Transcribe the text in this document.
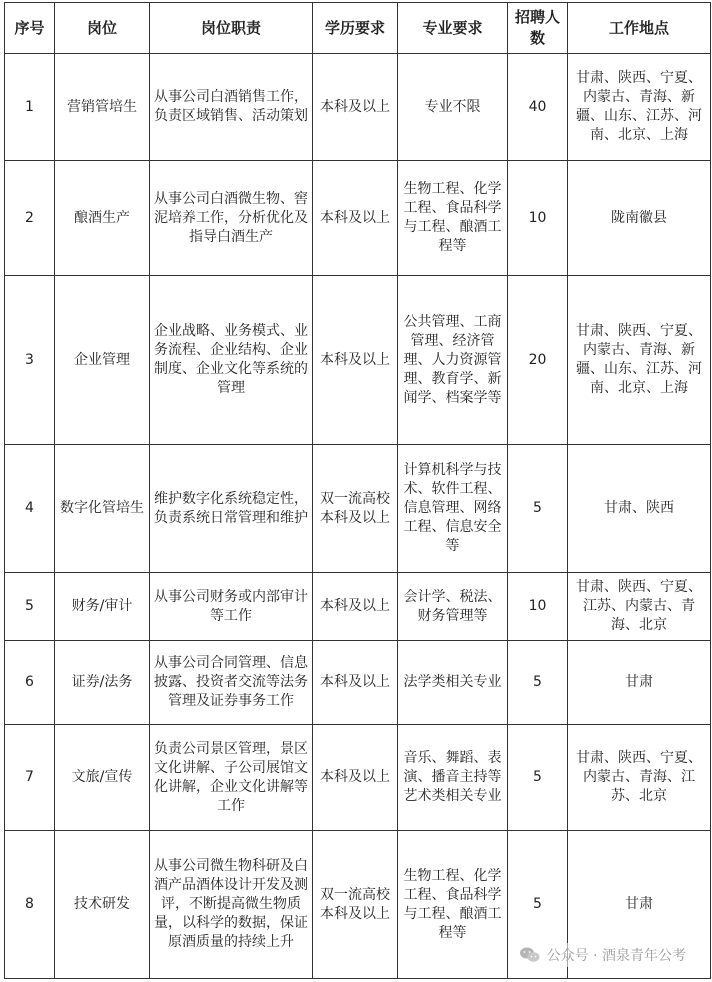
序号	岗位	岗位职责	学历要求	专业要求	招聘人数	工作地点
1	营销管培生	从事公司白酒销售工作，负责区域销售、活动策划	本科及以上	专业不限	40	甘肃、陕西、宁夏、内蒙古、青海、新疆、山东、江苏、河南、北京、上海
2	酿酒生产	从事公司白酒微生物、窖泥培养工作，分析优化及指导白酒生产	本科及以上	生物工程、化学工程、食品科学与工程、酿酒工程等	10	陇南徽县
3	企业管理	企业战略、业务模式、业务流程、企业结构、企业制度、企业文化等系统的管理	本科及以上	公共管理、工商管理、经济管理、人力资源管理、教育学、新闻学、档案学等	20	甘肃、陕西、宁夏、内蒙古、青海、新疆、山东、江苏、河南、北京、上海
4	数字化管培生	维护数字化系统稳定性，负责系统日常管理和维护	双一流高校本科及以上	计算机科学与技术、软件工程、信息管理、网络工程、信息安全等	5	甘肃、陕西
5	财务/审计	从事公司财务或内部审计等工作	本科及以上	会计学、税法、财务管理等	10	甘肃、陕西、宁夏、江苏、内蒙古、青海、北京
6	证券/法务	从事公司合同管理、信息披露、投资者交流等法务管理及证券事务工作	本科及以上	法学类相关专业	5	甘肃
7	文旅/宣传	负责公司景区管理，景区文化讲解、子公司展馆文化讲解，企业文化讲解等工作	本科及以上	音乐、舞蹈、表演、播音主持等艺术类相关专业	5	甘肃、陕西、宁夏、内蒙古、青海、江苏、北京
8	技术研发	从事公司微生物科研及白酒产品酒体设计开发及测评，不断提高微生物质量，以科学的数据，保证原酒质量的持续上升	双一流高校本科及以上	生物工程、化学工程、食品科学与工程、酿酒工程等	5	甘肃
公众号 · 酒泉青年公考
